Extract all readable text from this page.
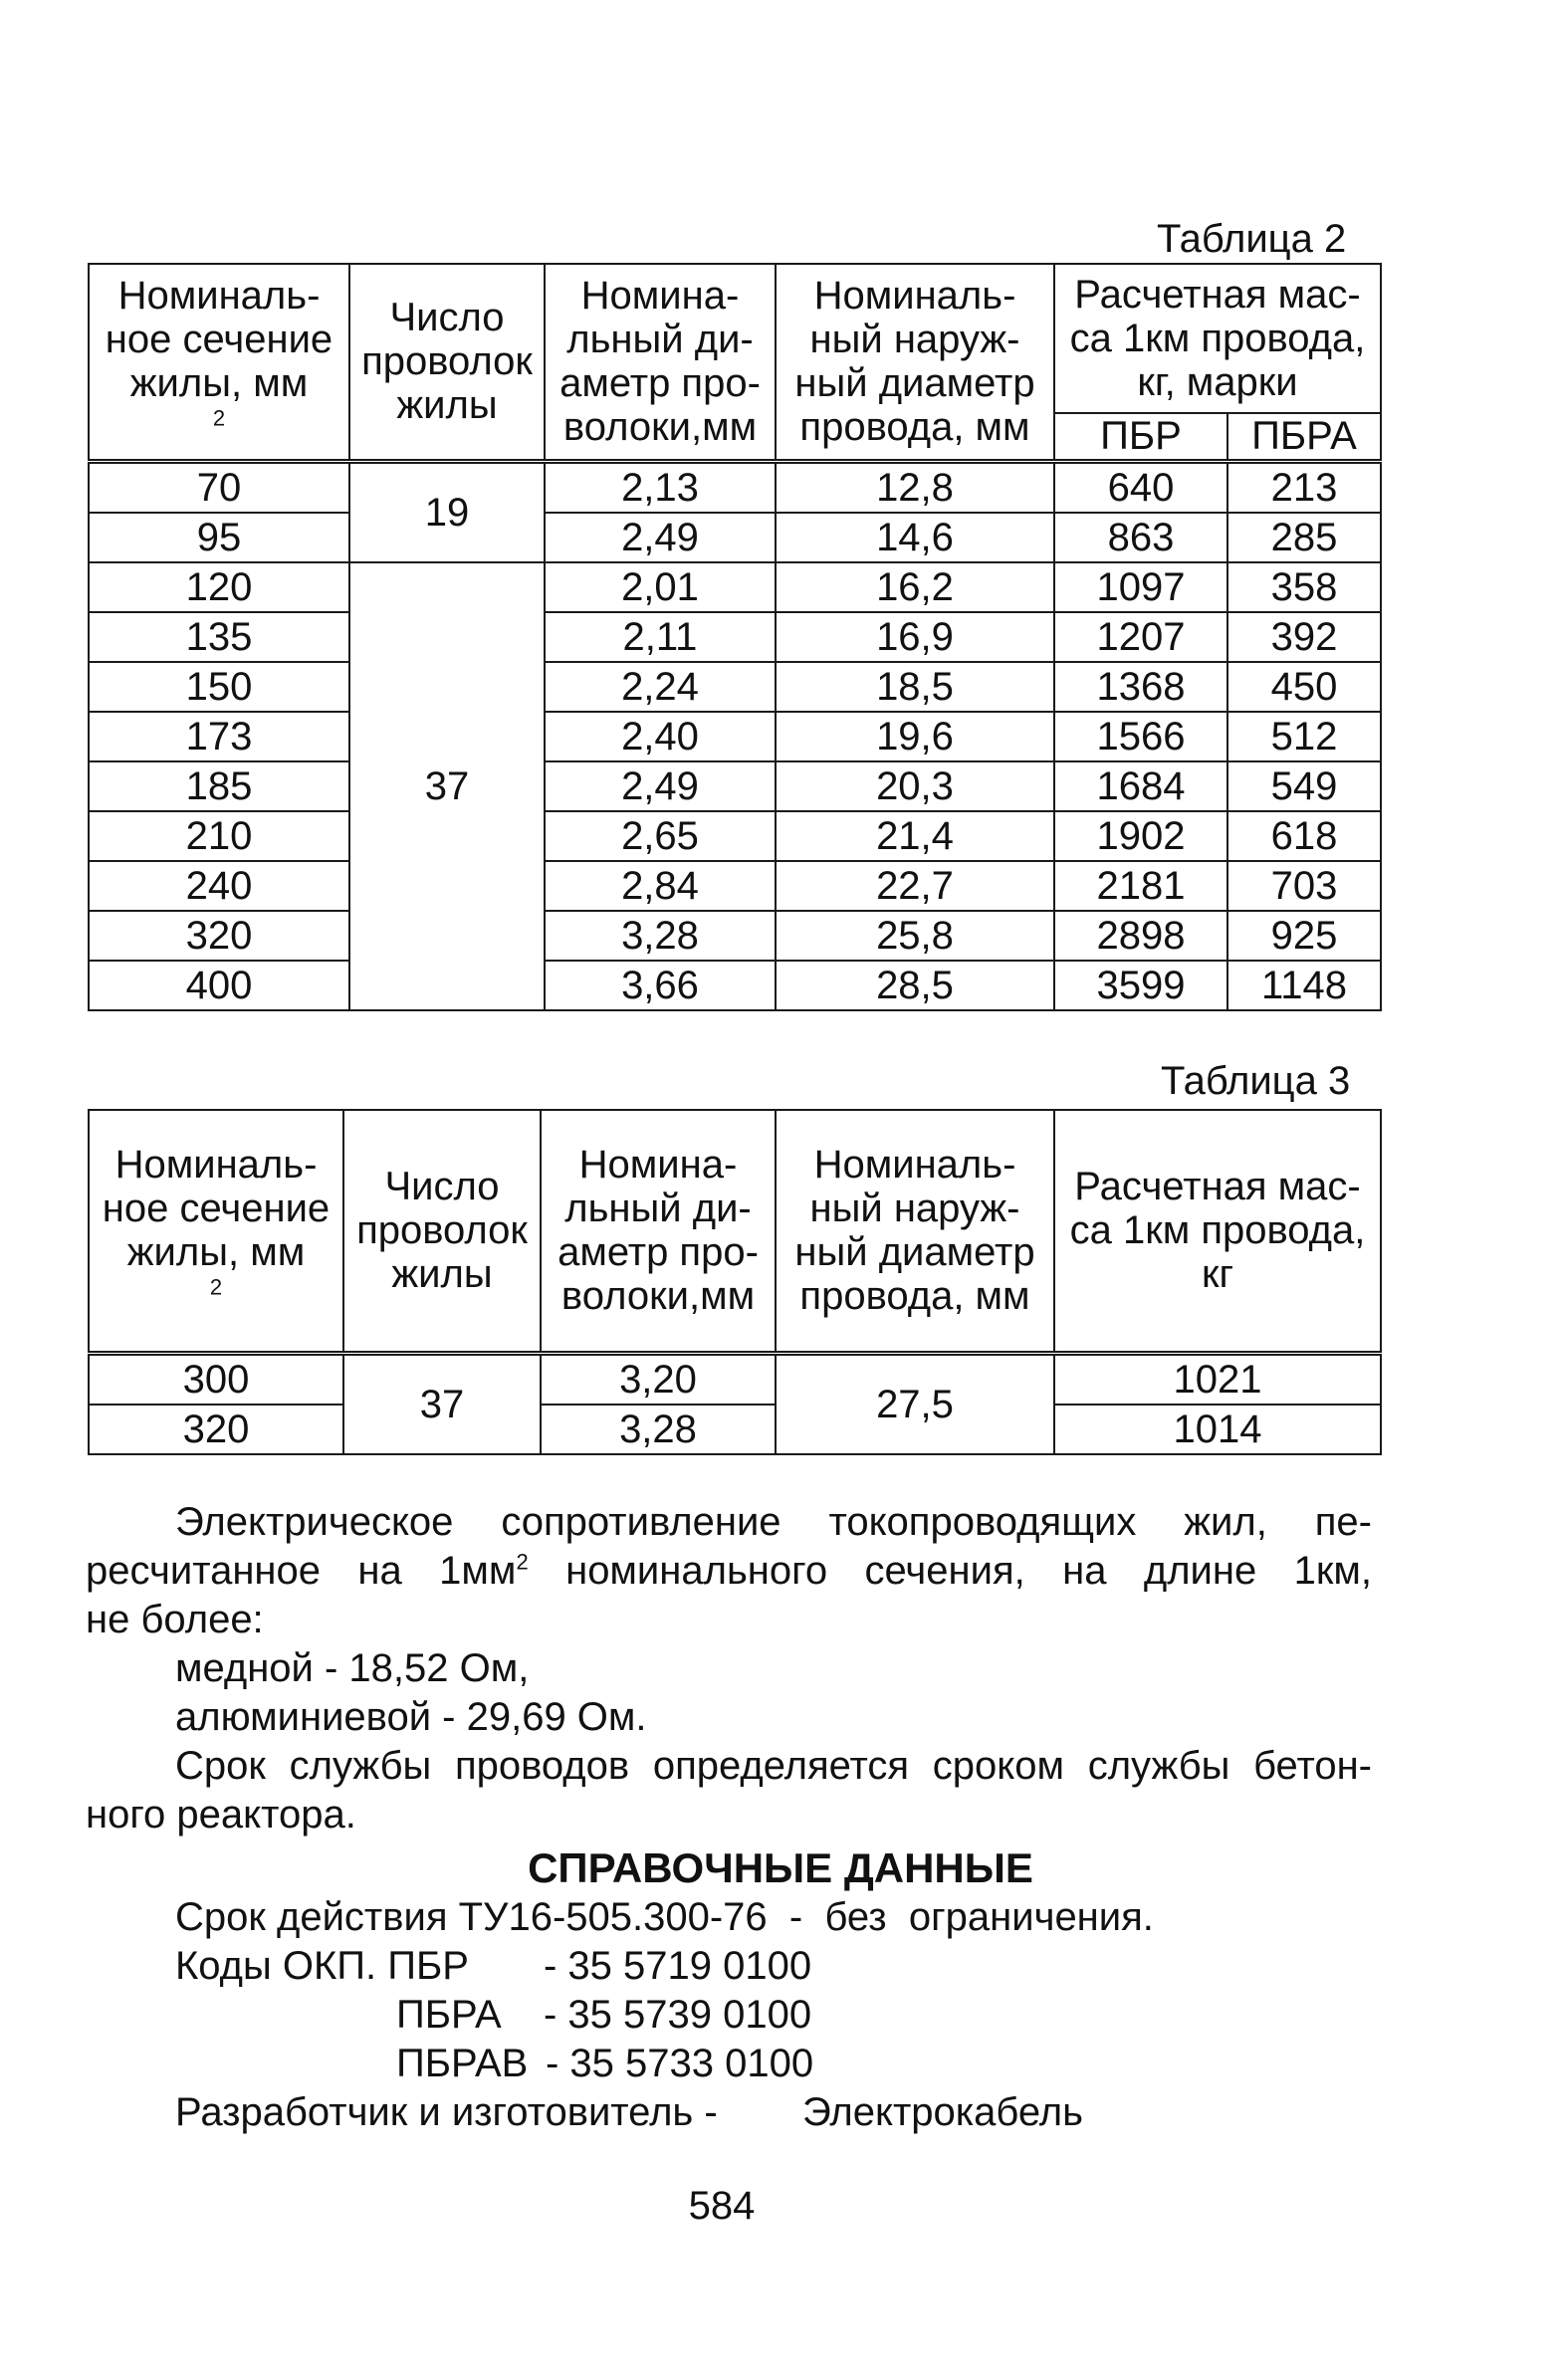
Таблица 2
Номиналь-
ное сечение
жилы, мм
$^2$	Число
проволок
жилы	Номина-
льный ди-
аметр про-
волоки,мм	Номиналь-
ный наруж-
ный диаметр
провода, мм	Расчетная мас-
са 1км провода,
кг, марки	

				ПБР	ПБРА
70	19	2,13	12,8	640	213
95		2,49	14,6	863	285
120	37	2,01	16,2	1097	358
135		2,11	16,9	1207	392
150		2,24	18,5	1368	450
173		2,40	19,6	1566	512
185		2,49	20,3	1684	549
210		2,65	21,4	1902	618
240		2,84	22,7	2181	703
320		3,28	25,8	2898	925
400		3,66	28,5	3599	1148
Таблица 3
Номиналь-
ное сечение
жилы, мм
$^2$	Число
проволок
жилы	Номина-
льный ди-
аметр про-
волоки,мм	Номиналь-
ный наруж-
ный диаметр
провода, мм	Расчетная мас-
са 1км провода,
кг

300	37	3,20	27,5	1021
320		3,28		1014
Электрическое сопротивление токопроводящих жил, пе-
ресчитанное на $1мм^2$ номинального сечения, на длине 1км,
не более:
медной - 18,52 Ом,
алюминиевой - 29,69 Ом.
Срок службы проводов определяется сроком службы бетон-
ного реактора.
СПРАВОЧНЫЕ ДАННЫЕ
Срок действия ТУ16-505.300-76  -  без  ограничения.
Коды ОКП. ПБР - 35 5719 0100
ПБРА - 35 5739 0100
ПБРАВ - 35 5733 0100
Разработчик и изготовитель - Электрокабель
584
